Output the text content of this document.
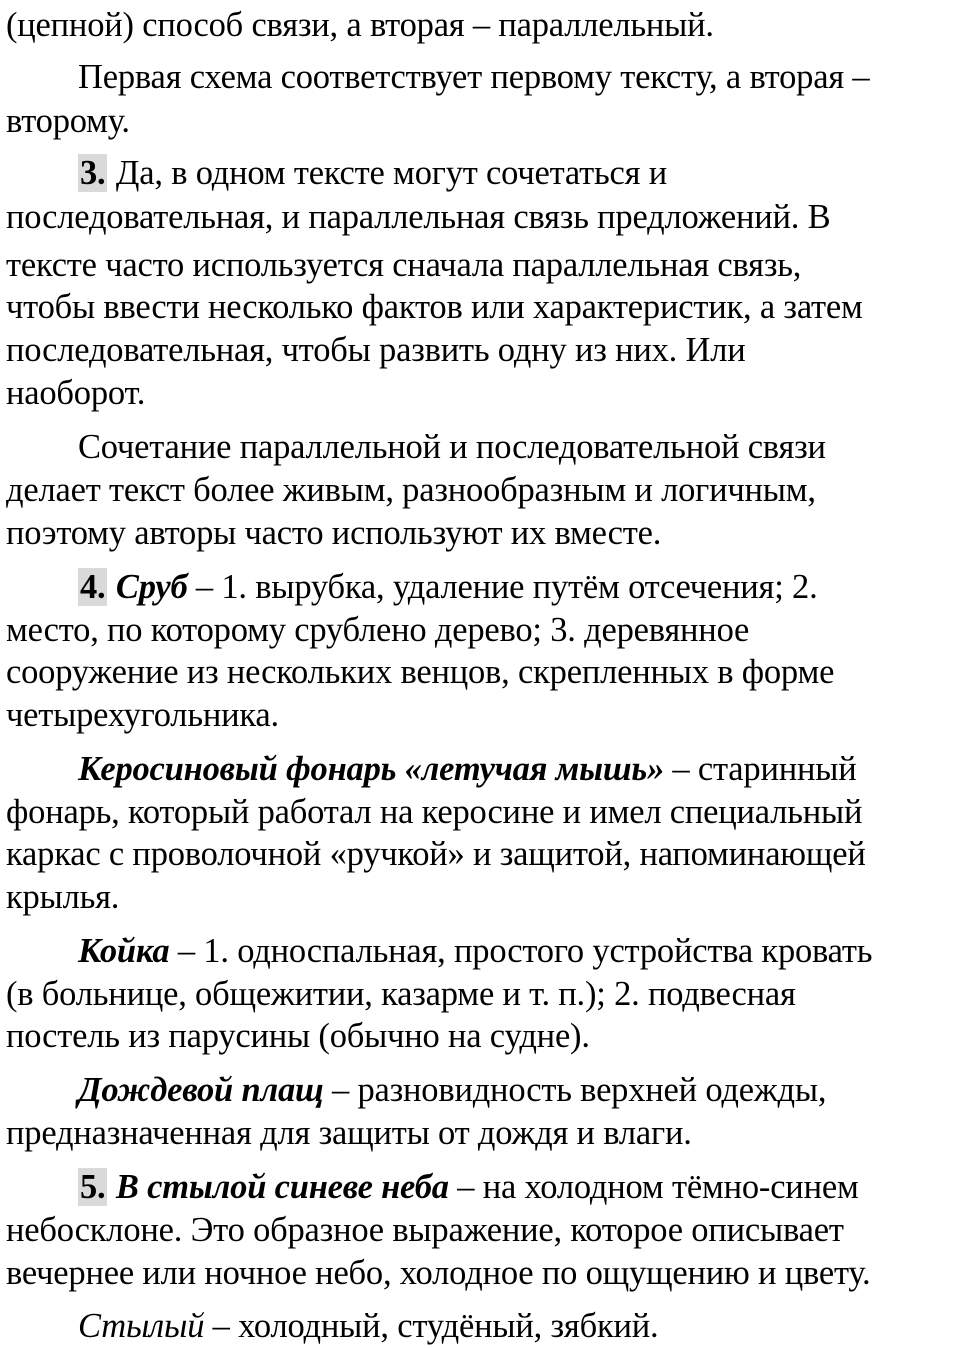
(цепной) способ связи, а вторая – параллельный.
Первая схема соответствует первому тексту, а вторая –
второму.
3. Да, в одном тексте могут сочетаться и
последовательная, и параллельная связь предложений. В
тексте часто используется сначала параллельная связь,
чтобы ввести несколько фактов или характеристик, а затем
последовательная, чтобы развить одну из них. Или
наоборот.
Сочетание параллельной и последовательной связи
делает текст более живым, разнообразным и логичным,
поэтому авторы часто используют их вместе.
4. Сруб – 1. вырубка, удаление путём отсечения; 2.
место, по которому срублено дерево; 3. деревянное
сооружение из нескольких венцов, скрепленных в форме
четырехугольника.
Керосиновый фонарь «летучая мышь» – старинный
фонарь, который работал на керосине и имел специальный
каркас с проволочной «ручкой» и защитой, напоминающей
крылья.
Койка – 1. односпальная, простого устройства кровать
(в больнице, общежитии, казарме и т. п.); 2. подвесная
постель из парусины (обычно на судне).
Дождевой плащ – разновидность верхней одежды,
предназначенная для защиты от дождя и влаги.
5. В стылой синеве неба – на холодном тёмно-синем
небосклоне. Это образное выражение, которое описывает
вечернее или ночное небо, холодное по ощущению и цвету.
Стылый – холодный, студёный, зябкий.
